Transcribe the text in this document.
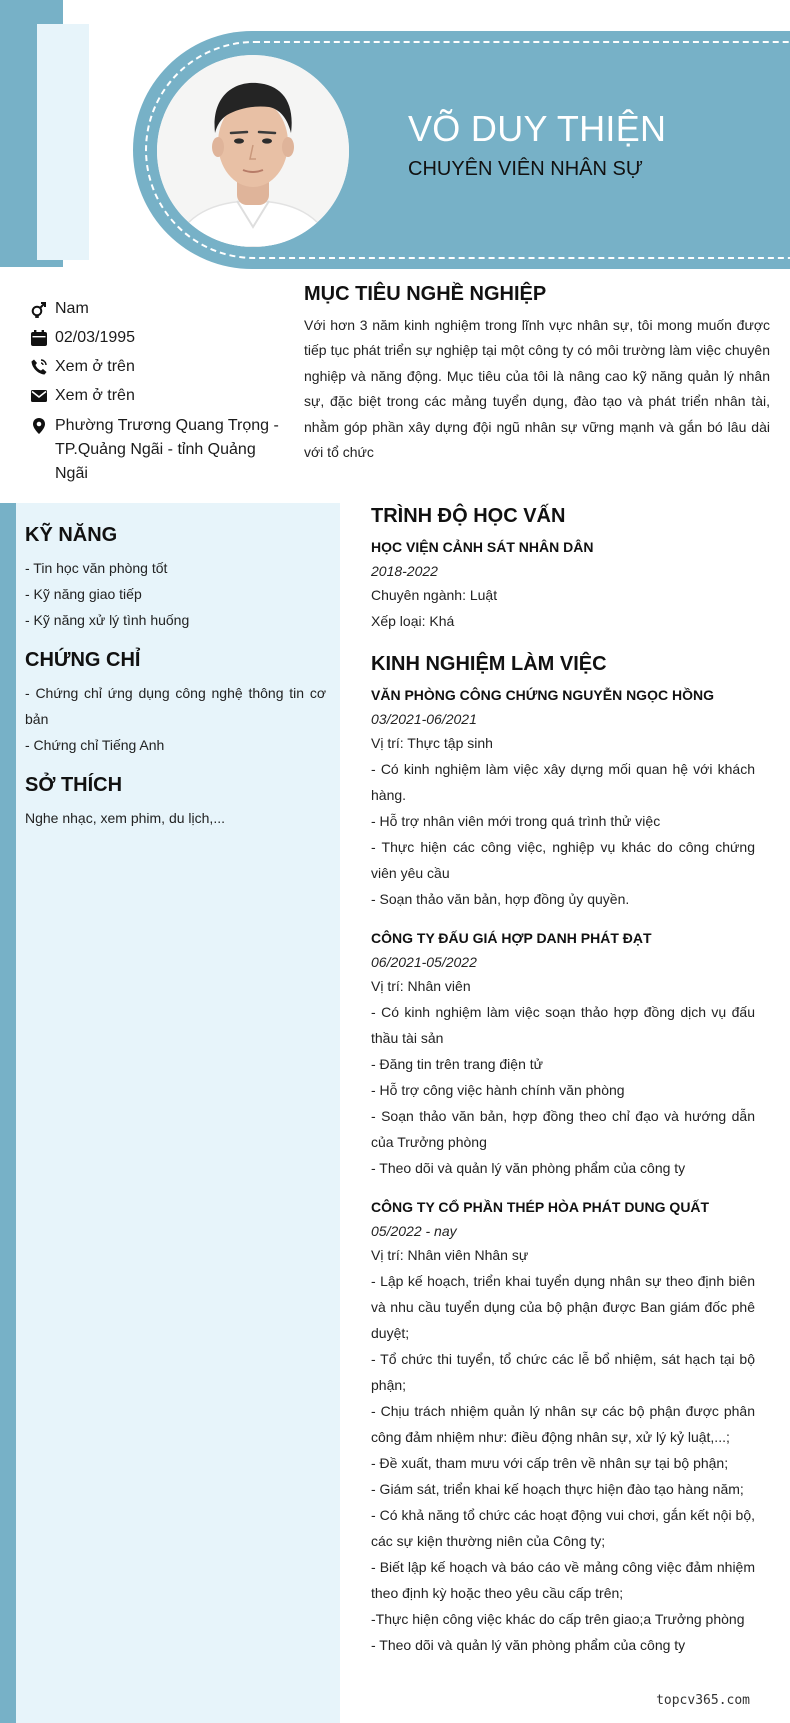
VÕ DUY THIỆN
CHUYÊN VIÊN NHÂN SỰ
Nam
02/03/1995
Xem ở trên
Xem ở trên
Phường Trương Quang Trọng - TP.Quảng Ngãi - tỉnh Quảng Ngãi
MỤC TIÊU NGHỀ NGHIỆP
Với hơn 3 năm kinh nghiệm trong lĩnh vực nhân sự, tôi mong muốn được tiếp tục phát triển sự nghiệp tại một công ty có môi trường làm việc chuyên nghiệp và năng động. Mục tiêu của tôi là nâng cao kỹ năng quản lý nhân sự, đặc biệt trong các mảng tuyển dụng, đào tạo và phát triển nhân tài, nhằm góp phần xây dựng đội ngũ nhân sự vững mạnh và gắn bó lâu dài với tổ chức
KỸ NĂNG
- Tin học văn phòng tốt
- Kỹ năng giao tiếp
- Kỹ năng xử lý tình huống
CHỨNG CHỈ
- Chứng chỉ ứng dụng công nghệ thông tin cơ bản
- Chứng chỉ Tiếng Anh
SỞ THÍCH
Nghe nhạc, xem phim, du lịch,...
TRÌNH ĐỘ HỌC VẤN
HỌC VIỆN CẢNH SÁT NHÂN DÂN
2018-2022
Chuyên ngành: Luật
Xếp loại: Khá
KINH NGHIỆM LÀM VIỆC
VĂN PHÒNG CÔNG CHỨNG NGUYỄN NGỌC HỒNG
03/2021-06/2021
Vị trí: Thực tập sinh
- Có kinh nghiệm làm việc xây dựng mối quan hệ với khách hàng.
- Hỗ trợ nhân viên mới trong quá trình thử việc
- Thực hiện các công việc, nghiệp vụ khác do công chứng viên yêu cầu
- Soạn thảo văn bản, hợp đồng ủy quyền.
CÔNG TY ĐẤU GIÁ HỢP DANH PHÁT ĐẠT
06/2021-05/2022
Vị trí: Nhân viên
- Có kinh nghiệm làm việc soạn thảo hợp đồng dịch vụ đấu thầu tài sản
- Đăng tin trên trang điện tử
- Hỗ trợ công việc hành chính văn phòng
- Soạn thảo văn bản, hợp đồng theo chỉ đạo và hướng dẫn của Trưởng phòng
- Theo dõi và quản lý văn phòng phẩm của công ty
CÔNG TY CỔ PHẦN THÉP HÒA PHÁT DUNG QUẤT
05/2022 - nay
Vị trí: Nhân viên Nhân sự
- Lập kế hoạch, triển khai tuyển dụng nhân sự theo định biên và nhu cầu tuyển dụng của bộ phận được Ban giám đốc phê duyệt;
- Tổ chức thi tuyển, tổ chức các lễ bổ nhiệm, sát hạch tại bộ phận;
- Chịu trách nhiệm quản lý nhân sự các bộ phận được phân công đảm nhiệm như: điều động nhân sự, xử lý kỷ luật,...;
- Đề xuất, tham mưu với cấp trên về nhân sự tại bộ phận;
- Giám sát, triển khai kế hoạch thực hiện đào tạo hàng năm;
- Có khả năng tổ chức các hoạt động vui chơi, gắn kết nội bộ, các sự kiện thường niên của Công ty;
- Biết lập kế hoạch và báo cáo về mảng công việc đảm nhiệm theo định kỳ hoặc theo yêu cầu cấp trên;
-Thực hiện công việc khác do cấp trên giao;a Trưởng phòng
- Theo dõi và quản lý văn phòng phẩm của công ty
topcv365.com
